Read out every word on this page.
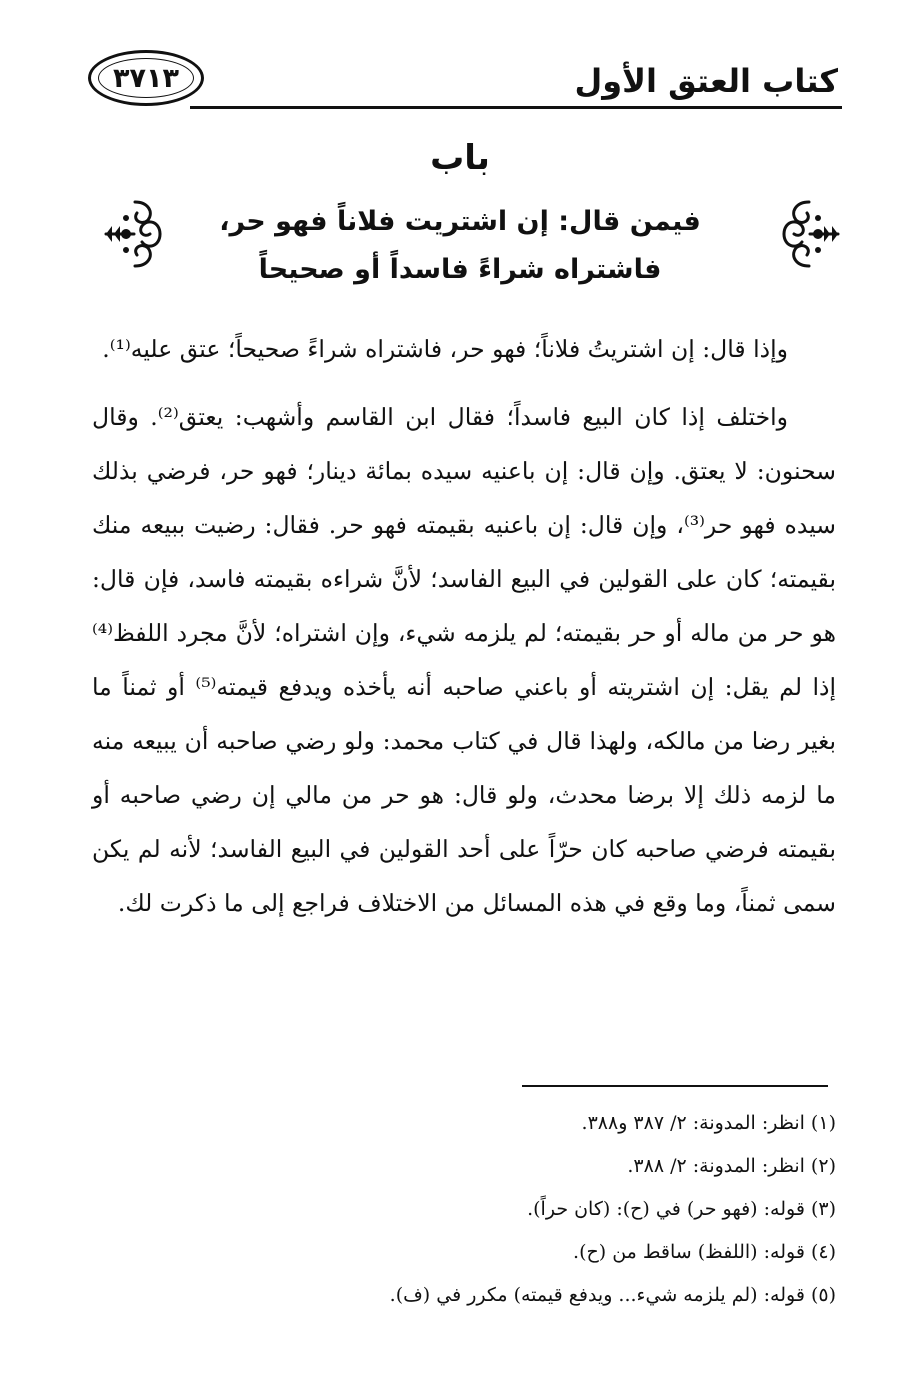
كتاب العتق الأول
٣٧١٣
باب
فيمن قال: إن اشتريت فلاناً فهو حر،
فاشتراه شراءً فاسداً أو صحيحاً

وإذا قال: إن اشتريتُ فلاناً؛ فهو حر، فاشتراه شراءً صحيحاً؛ عتق عليه⁽¹⁾.

واختلف إذا كان البيع فاسداً؛ فقال ابن القاسم وأشهب: يعتق⁽²⁾. وقال سحنون: لا يعتق. وإن قال: إن باعنيه سيده بمائة دينار؛ فهو حر، فرضي بذلك سيده فهو حر⁽³⁾، وإن قال: إن باعنيه بقيمته فهو حر. فقال: رضيت ببيعه منك بقيمته؛ كان على القولين في البيع الفاسد؛ لأنَّ شراءه بقيمته فاسد، فإن قال: هو حر من ماله أو حر بقيمته؛ لم يلزمه شيء، وإن اشتراه؛ لأنَّ مجرد اللفظ⁽⁴⁾ إذا لم يقل: إن اشتريته أو باعني صاحبه أنه يأخذه ويدفع قيمته⁽⁵⁾ أو ثمناً ما بغير رضا من مالكه، ولهذا قال في كتاب محمد: ولو رضي صاحبه أن يبيعه منه ما لزمه ذلك إلا برضا محدث، ولو قال: هو حر من مالي إن رضي صاحبه أو بقيمته فرضي صاحبه كان حرّاً على أحد القولين في البيع الفاسد؛ لأنه لم يكن سمى ثمناً، وما وقع في هذه المسائل من الاختلاف فراجع إلى ما ذكرت لك.

(١) انظر: المدونة: ٢/ ٣٨٧ و٣٨٨.
(٢) انظر: المدونة: ٢/ ٣٨٨.
(٣) قوله: (فهو حر) في (ح): (كان حراً).
(٤) قوله: (اللفظ) ساقط من (ح).
(٥) قوله: (لم يلزمه شيء... ويدفع قيمته) مكرر في (ف).
